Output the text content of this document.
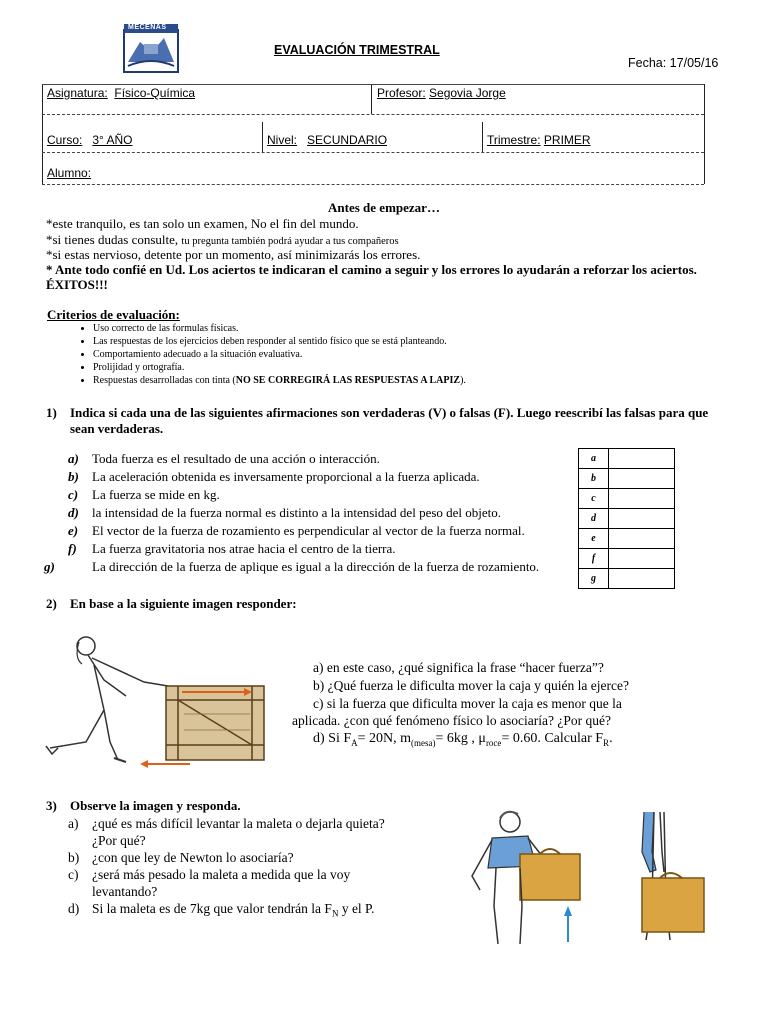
MECENAS
EVALUACIÓN TRIMESTRAL
Fecha: 17/05/16
Asignatura: Físico-Química	Profesor: Segovia Jorge
Curso: 3° AÑO	Nivel: SECUNDARIO	Trimestre: PRIMER
Alumno:
Antes de empezar…
*este tranquilo, es tan solo un examen, No el fin del mundo.
*si tienes dudas consulte, tu pregunta también podrá ayudar a tus compañeros
*si estas nervioso, detente por un momento, así minimizarás los errores.
* Ante todo confié en Ud. Los aciertos te indicaran el camino a seguir y los errores lo ayudarán a reforzar los aciertos. ÉXITOS!!!
Criterios de evaluación:
• Uso correcto de las formulas físicas.
• Las respuestas de los ejercicios deben responder al sentido físico que se está planteando.
• Comportamiento adecuado a la situación evaluativa.
• Prolijidad y ortografía.
• Respuestas desarrolladas con tinta (NO SE CORREGIRÁ LAS RESPUESTAS A LAPIZ).
1) Indica si cada una de las siguientes afirmaciones son verdaderas (V) o falsas (F). Luego reescribí las falsas para que sean verdaderas.
a) Toda fuerza es el resultado de una acción o interacción.
b) La aceleración obtenida es inversamente proporcional a la fuerza aplicada.
c) La fuerza se mide en kg.
d) la intensidad de la fuerza normal es distinto a la intensidad del peso del objeto.
e) El vector de la fuerza de rozamiento es perpendicular al vector de la fuerza normal.
f) La fuerza gravitatoria nos atrae hacia el centro de la tierra.
g)	La dirección de la fuerza de aplique es igual a la dirección de la fuerza de rozamiento.
a	
b	
c	
d	
e	
f	
g	
2) En base a la siguiente imagen responder:
a) en este caso, ¿qué significa la frase “hacer fuerza”?
b) ¿Qué fuerza le dificulta mover la caja y quién la ejerce?
c) si la fuerza que dificulta mover la caja es menor que la
aplicada. ¿con qué fenómeno físico lo asociaría? ¿Por qué?
d) Si $F_A= 20N$, $m_{(mesa)}= 6kg$ , $\mu_{roce}= 0.60$. Calcular $F_R$.
3) Observe la imagen y responda.
a) ¿qué es más difícil levantar la maleta o dejarla quieta?
¿Por qué?
b) ¿con que ley de Newton lo asociaría?
c) ¿será más pesado la maleta a medida que la voy
levantando?
d) Si la maleta es de 7kg que valor tendrán la $F_N$ y el P.
